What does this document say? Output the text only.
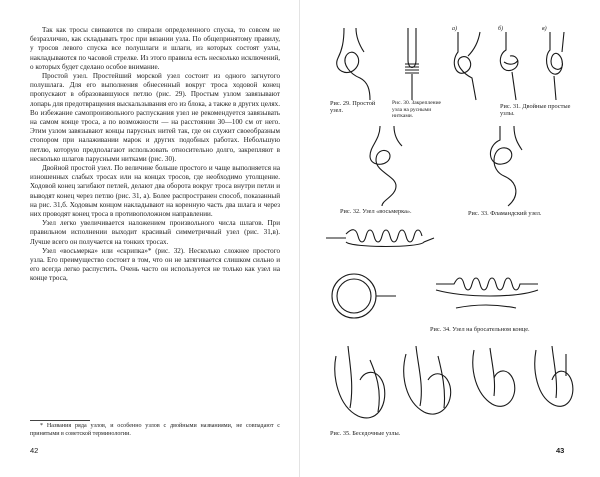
Так как тросы свиваются по спирали определенного спуска, то совсем не безразлично, как складывать трос при вязании узла. По общепринятому правилу, у тросов левого спуска все полушлаги и шлаги, из которых состоят узлы, накладываются по часовой стрелке. Из этого правила есть несколько исключений, о которых будет сделано особое внимание.

Простой узел. Простейший морской узел состоит из одного загнутого полушлага. Для его выполнения обнесенный вокруг троса ходовой конец пропускают в образовавшуюся петлю (рис. 29). Простым узлом завязывают лопарь для предотвращения выскальзывания его из блока, а также в других целях. Во избежание самопроизвольного распускания узел не рекомендуется завязывать на самом конце троса, а по возможности — на расстоянии 30—100 см от него. Этим узлом завязывают концы парусных нитей так, где он служит своеобразным стопором при налаживании марок и других подобных работах. Небольшую петлю, которую предполагают использовать относительно долго, закрепляют в несколько шлагов парусными нитками (рис. 30).

Двойной простой узел. По величине больше простого и чаще выполняется на изношенных слабых тросах или на концах тросов, где необходимо утолщение. Ходовой конец загибают петлей, делают два оборота вокруг троса внутри петли и выводят конец через петлю (рис. 31, а). Более распространен способ, показанный на рис. 31,б. Ходовым концом накладывают на коренную часть два шлага и через них проводят конец троса в противоположном направлении.

Узел легко увеличивается наложением произвольного числа шлагов. При правильном исполнении выходит красивый симметричный узел (рис. 31,в). Лучше всего он получается на тонких тросах.

Узел «восьмерка» или «скрипка»* (рис. 32). Несколько сложнее простого узла. Его преимущество состоит в том, что он не затягивается слишком сильно и его всегда легко распустить. Очень часто он используется не только как узел на конце троса,

* Названия ряда узлов, и особенно узлов с двойными названиями, не совпадают с принятыми в советской терминологии.
42
Рис. 29. Простой узел.
Рис. 30. Закрепление узла на русными нитками.
а)	б)	в)
Рис. 31. Двойные простые узлы.
Рис. 32. Узел «восьмерка».	Рис. 33. Фламандский узел.
Рис. 34. Узел на бросательном конце.
Рис. 35. Беседочные узлы.
43
